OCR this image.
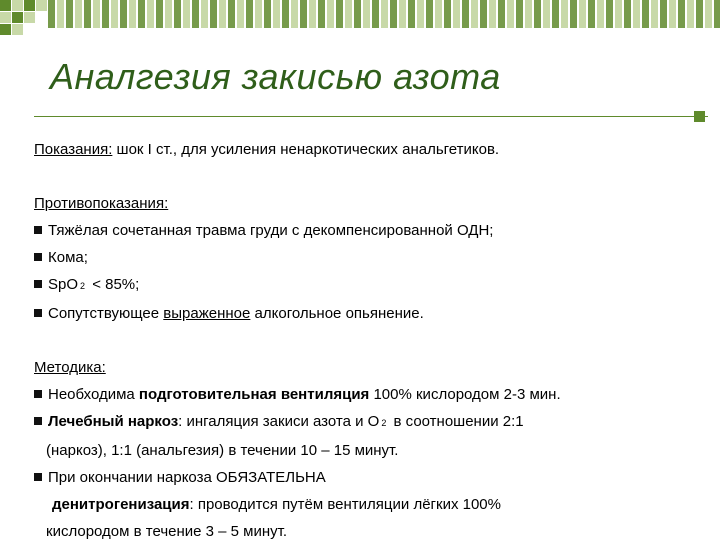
Аналгезия закисью азота
Показания: шок I ст., для усиления ненаркотических анальгетиков.
Противопоказания:
Тяжёлая сочетанная травма груди с декомпенсированной ОДН;
Кома;
SpO 2 < 85%;
Сопутствующее выраженное алкогольное опьянение.
Методика:
Необходима подготовительная вентиляция 100% кислородом 2-3 мин.
Лечебный наркоз: ингаляция закиси азота и О 2 в соотношении 2:1
(наркоз), 1:1 (анальгезия) в течении 10 – 15 минут.
При окончании наркоза ОБЯЗАТЕЛЬНА
денитрогенизация: проводится путём вентиляции лёгких 100%
кислородом в течение 3 – 5 минут.
